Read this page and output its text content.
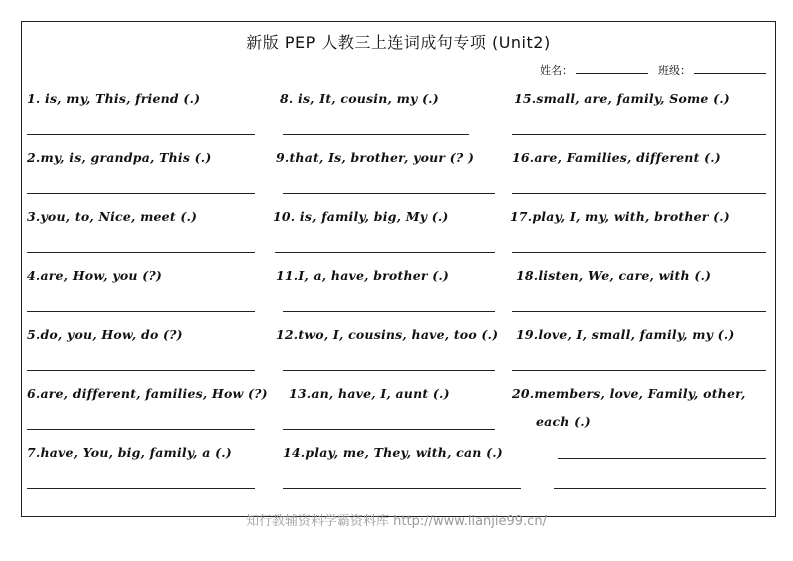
新版 PEP 人教三上连词成句专项 (Unit2)
姓名：	班级：
1. is, my, This, friend (.)
2.my, is, grandpa, This (.)
3.you, to, Nice, meet (.)
4.are, How, you (?)
5.do, you, How, do (?)
6.are, different, families, How (?)
7.have, You, big, family, a (.)
8. is, It, cousin, my (.)
9.that, Is, brother, your (? )
10. is, family, big, My (.)
11.I, a, have, brother (.)
12.two, I, cousins, have, too (.)
13.an, have, I, aunt (.)
14.play, me, They, with, can (.)
15.small, are, family, Some (.)
16.are, Families, different (.)
17.play, I, my, with, brother (.)
18.listen, We, care, with (.)
19.love, I, small, family, my (.)
20.members, love, Family, other,
each (.)
知行教辅资料学霸资料库 http://www.lianjie99.cn/
